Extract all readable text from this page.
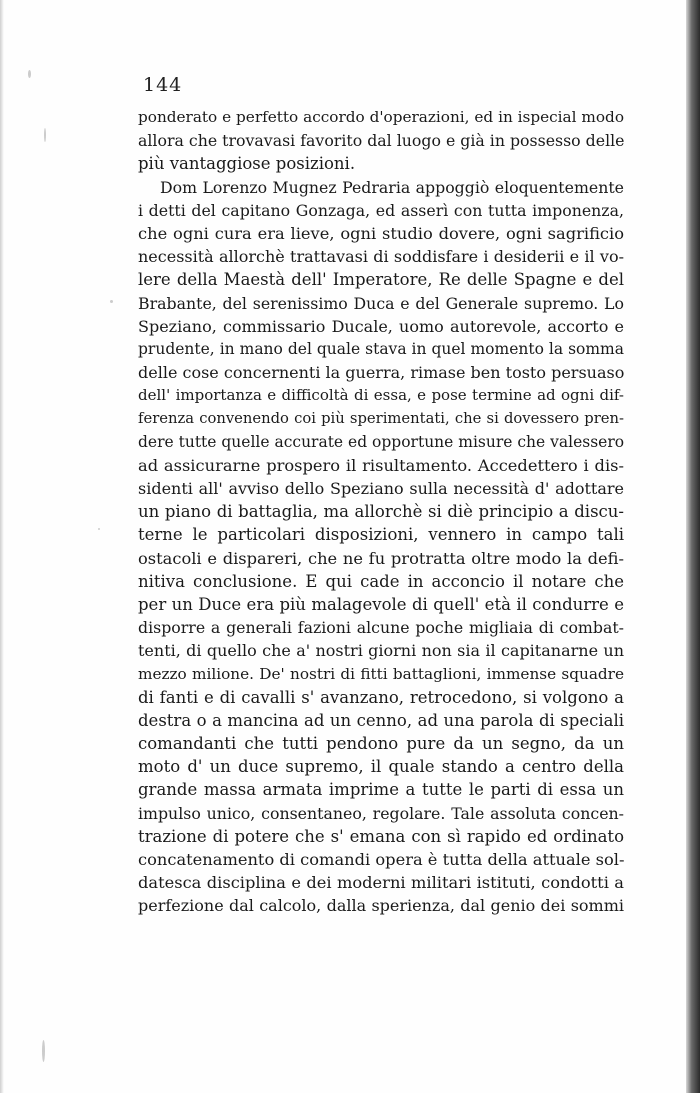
144
ponderato e perfetto accordo d'operazioni, ed in ispecial modo
allora che trovavasi favorito dal luogo e già in possesso delle
più vantaggiose posizioni.
Dom Lorenzo Mugnez Pedraria appoggiò eloquentemente
i detti del capitano Gonzaga, ed asserì con tutta imponenza,
che ogni cura era lieve, ogni studio dovere, ogni sagrificio
necessità allorchè trattavasi di soddisfare i desiderii e il vo-
lere della Maestà dell' Imperatore, Re delle Spagne e del
Brabante, del serenissimo Duca e del Generale supremo. Lo
Speziano, commissario Ducale, uomo autorevole, accorto e
prudente, in mano del quale stava in quel momento la somma
delle cose concernenti la guerra, rimase ben tosto persuaso
dell' importanza e difficoltà di essa, e pose termine ad ogni dif-
ferenza convenendo coi più sperimentati, che si dovessero pren-
dere tutte quelle accurate ed opportune misure che valessero
ad assicurarne prospero il risultamento. Accedettero i dis-
sidenti all' avviso dello Speziano sulla necessità d' adottare
un piano di battaglia, ma allorchè si diè principio a discu-
terne le particolari disposizioni, vennero in campo tali
ostacoli e dispareri, che ne fu protratta oltre modo la defi-
nitiva conclusione. E qui cade in acconcio il notare che
per un Duce era più malagevole di quell' età il condurre e
disporre a generali fazioni alcune poche migliaia di combat-
tenti, di quello che a' nostri giorni non sia il capitanarne un
mezzo milione. De' nostri di fitti battaglioni, immense squadre
di fanti e di cavalli s' avanzano, retrocedono, si volgono a
destra o a mancina ad un cenno, ad una parola di speciali
comandanti che tutti pendono pure da un segno, da un
moto d' un duce supremo, il quale stando a centro della
grande massa armata imprime a tutte le parti di essa un
impulso unico, consentaneo, regolare. Tale assoluta concen-
trazione di potere che s' emana con sì rapido ed ordinato
concatenamento di comandi opera è tutta della attuale sol-
datesca disciplina e dei moderni militari istituti, condotti a
perfezione dal calcolo, dalla sperienza, dal genio dei sommi
